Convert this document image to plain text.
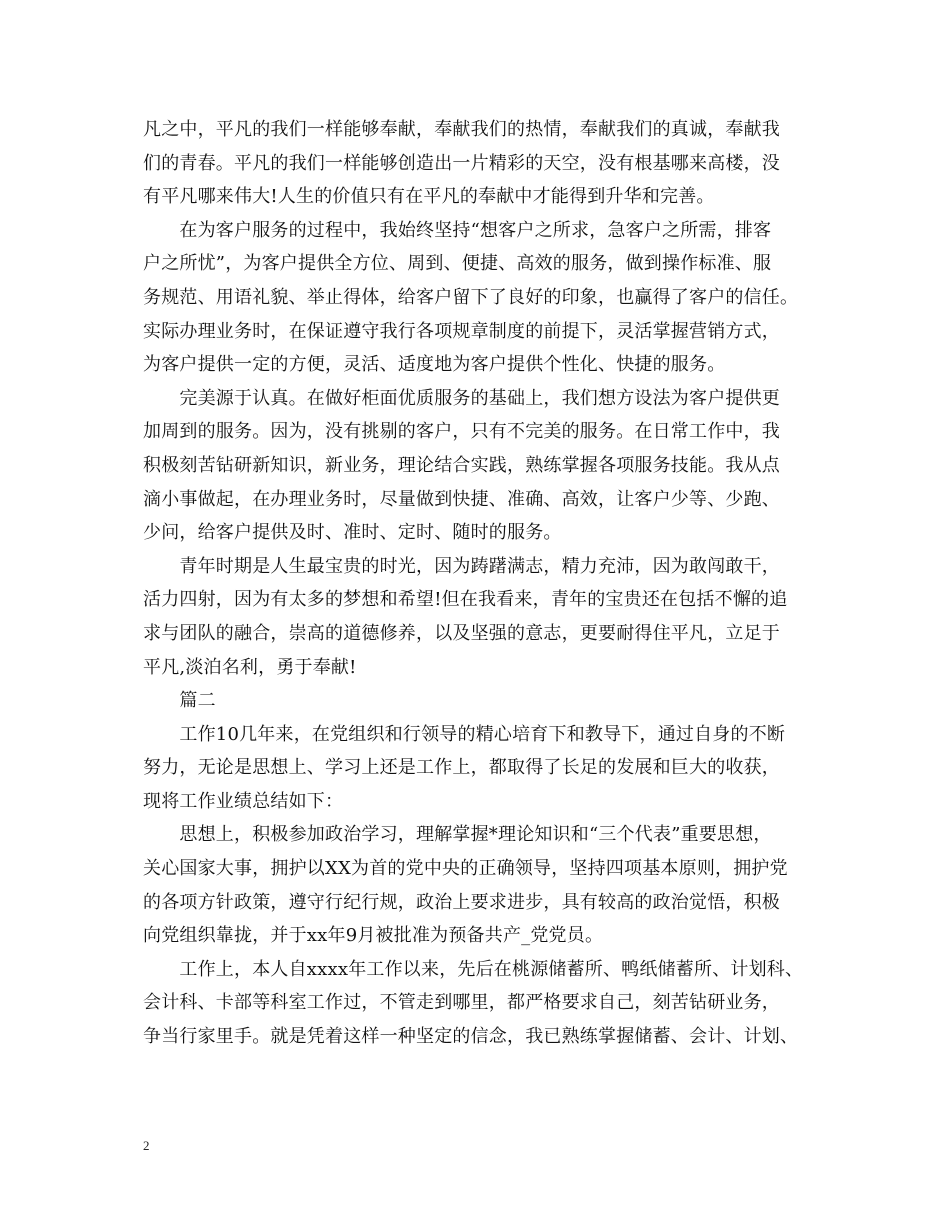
凡之中，平凡的我们一样能够奉献，奉献我们的热情，奉献我们的真诚，奉献我
们的青春。平凡的我们一样能够创造出一片精彩的天空，没有根基哪来高楼，没
有平凡哪来伟大!人生的价值只有在平凡的奉献中才能得到升华和完善。
　　在为客户服务的过程中，我始终坚持“想客户之所求，急客户之所需，排客
户之所忧”，为客户提供全方位、周到、便捷、高效的服务，做到操作标准、服
务规范、用语礼貌、举止得体，给客户留下了良好的印象，也赢得了客户的信任。
实际办理业务时，在保证遵守我行各项规章制度的前提下，灵活掌握营销方式，
为客户提供一定的方便，灵活、适度地为客户提供个性化、快捷的服务。
　　完美源于认真。在做好柜面优质服务的基础上，我们想方设法为客户提供更
加周到的服务。因为，没有挑剔的客户，只有不完美的服务。在日常工作中，我
积极刻苦钻研新知识，新业务，理论结合实践，熟练掌握各项服务技能。我从点
滴小事做起，在办理业务时，尽量做到快捷、准确、高效，让客户少等、少跑、
少问，给客户提供及时、准时、定时、随时的服务。
　　青年时期是人生最宝贵的时光，因为踌躇满志，精力充沛，因为敢闯敢干，
活力四射，因为有太多的梦想和希望!但在我看来，青年的宝贵还在包括不懈的追
求与团队的融合，崇高的道德修养，以及坚强的意志，更要耐得住平凡，立足于
平凡,淡泊名利，勇于奉献!
　　篇二
　　工作10几年来，在党组织和行领导的精心培育下和教导下，通过自身的不断
努力，无论是思想上、学习上还是工作上，都取得了长足的发展和巨大的收获，
现将工作业绩总结如下：
　　思想上，积极参加政治学习，理解掌握*理论知识和“三个代表”重要思想，
关心国家大事，拥护以XX为首的党中央的正确领导，坚持四项基本原则，拥护党
的各项方针政策，遵守行纪行规，政治上要求进步，具有较高的政治觉悟，积极
向党组织靠拢，并于xx年9月被批准为预备共产_党党员。
　　工作上，本人自xxxx年工作以来，先后在桃源储蓄所、鸭纸储蓄所、计划科、
会计科、卡部等科室工作过，不管走到哪里，都严格要求自己，刻苦钻研业务，
争当行家里手。就是凭着这样一种坚定的信念，我已熟练掌握储蓄、会计、计划、
2
